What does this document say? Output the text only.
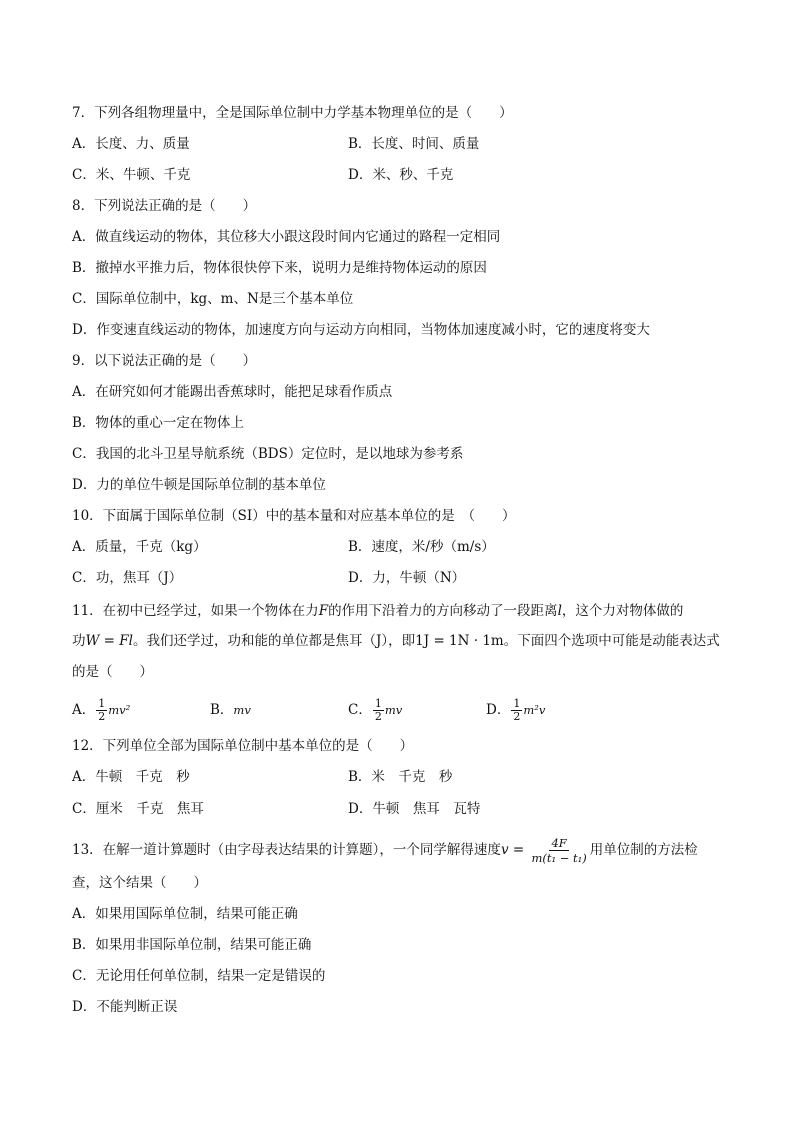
7．下列各组物理量中，全是国际单位制中力学基本物理单位的是（　　）
A．长度、力、质量	B．长度、时间、质量
C．米、牛顿、千克	D．米、秒、千克
8．下列说法正确的是（　　）
A．做直线运动的物体，其位移大小跟这段时间内它通过的路程一定相同
B．撤掉水平推力后，物体很快停下来，说明力是维持物体运动的原因
C．国际单位制中，kg、m、N是三个基本单位
D．作变速直线运动的物体，加速度方向与运动方向相同，当物体加速度减小时，它的速度将变大
9．以下说法正确的是（　　）
A．在研究如何才能踢出香蕉球时，能把足球看作质点
B．物体的重心一定在物体上
C．我国的北斗卫星导航系统（BDS）定位时，是以地球为参考系
D．力的单位牛顿是国际单位制的基本单位
10．下面属于国际单位制（SI）中的基本量和对应基本单位的是　（　　）
A．质量，千克（kg）	B．速度，米/秒（m/s）
C．功，焦耳（J）	D．力，牛顿（N）
11．在初中已经学过，如果一个物体在力F的作用下沿着力的方向移动了一段距离l，这个力对物体做的
功W = Fl。我们还学过，功和能的单位都是焦耳（J），即1J = 1N · 1m。下面四个选项中可能是动能表达式
的是（　　）
A． $\frac{1}{2} mv^2$	B．mv	C． $\frac{1}{2}$ mv	D． $\frac{1}{2} m^2v$
12．下列单位全部为国际单位制中基本单位的是（　　）
A．牛顿　千克　秒	B．米　千克　秒
C．厘米　千克　焦耳	D．牛顿　焦耳　瓦特
13．在解一道计算题时（由字母表达结果的计算题），一个同学解得速度$v = \frac{4F}{\text{m(t₁ − t₁)}}$ 用单位制的方法检
查，这个结果（　　）
A．如果用国际单位制，结果可能正确
B．如果用非国际单位制，结果可能正确
C．无论用任何单位制，结果一定是错误的
D．不能判断正误
